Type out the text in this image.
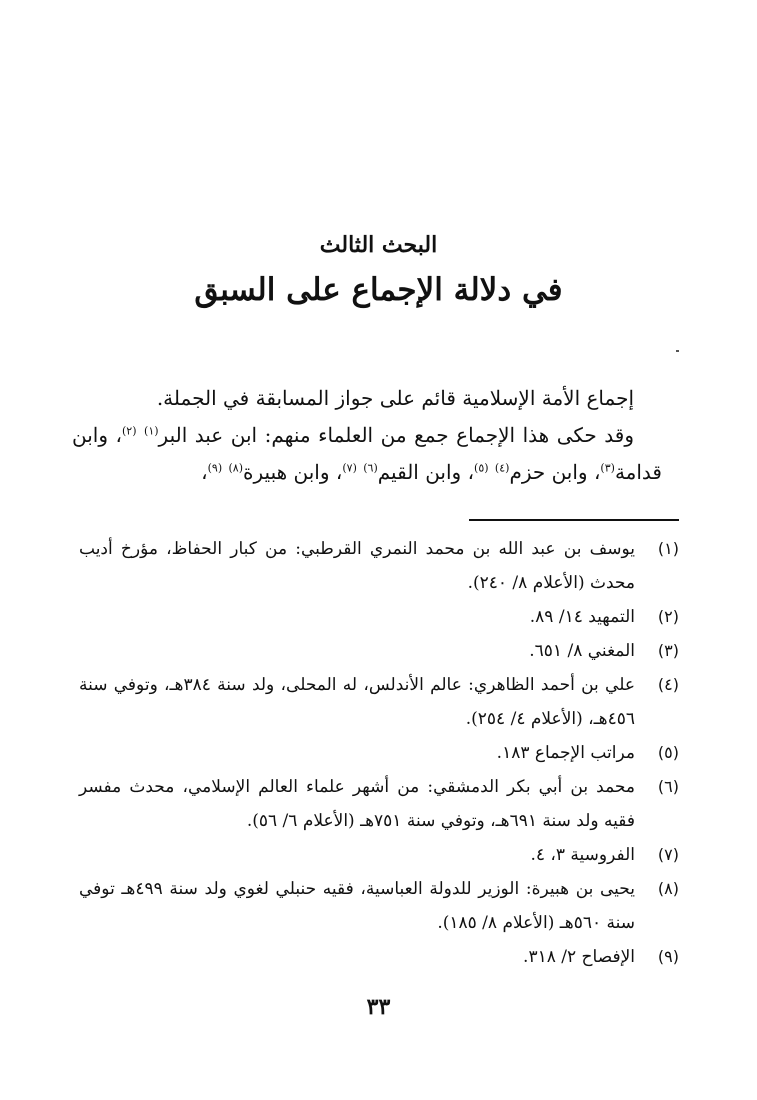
البحث الثالث
في دلالة الإجماع على السبق

إجماع الأمة الإسلامية قائم على جواز المسابقة في الجملة.

وقد حكى هذا الإجماع جمع من العلماء منهم: ابن عبد البر$^{(١)}$ $^{(٢)}$، وابن قدامة$^{(٣)}$، وابن حزم$^{(٤)}$ $^{(٥)}$، وابن القيم$^{(٦)}$ $^{(٧)}$، وابن هبيرة$^{(٨)}$ $^{(٩)}$،

(١)
يوسف بن عبد الله بن محمد النمري القرطبي: من كبار الحفاظ، مؤرخ أديب محدث (الأعلام ٨/ ٢٤٠).
(٢)
التمهيد ١٤/ ٨٩.
(٣)
المغني ٨/ ٦٥١.
(٤)
علي بن أحمد الظاهري: عالم الأندلس، له المحلى، ولد سنة ٣٨٤هـ، وتوفي سنة ٤٥٦هـ، (الأعلام ٤/ ٢٥٤).
(٥)
مراتب الإجماع ١٨٣.
(٦)
محمد بن أبي بكر الدمشقي: من أشهر علماء العالم الإسلامي، محدث مفسر فقيه ولد سنة ٦٩١هـ، وتوفي سنة ٧٥١هـ (الأعلام ٦/ ٥٦).
(٧)
الفروسية ٣، ٤.
(٨)
يحيى بن هبيرة: الوزير للدولة العباسية، فقيه حنبلي لغوي ولد سنة ٤٩٩هـ توفي سنة ٥٦٠هـ (الأعلام ٨/ ١٨٥).
(٩)
الإفصاح ٢/ ٣١٨.
٣٣
